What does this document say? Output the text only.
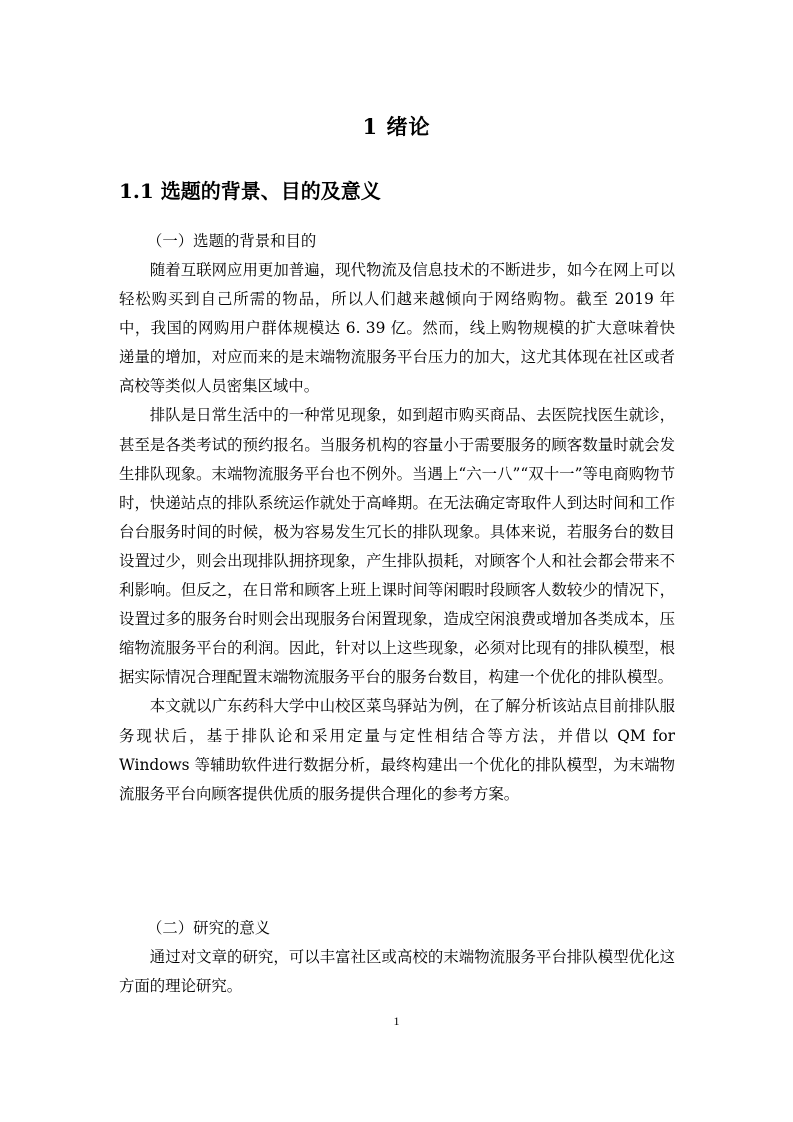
1 绪论
1.1 选题的背景、目的及意义
（一）选题的背景和目的

随着互联网应用更加普遍，现代物流及信息技术的不断进步，如今在网上可以轻松购买到自己所需的物品，所以人们越来越倾向于网络购物。截至 2019 年中，我国的网购用户群体规模达 6. 39 亿。然而，线上购物规模的扩大意味着快递量的增加，对应而来的是末端物流服务平台压力的加大，这尤其体现在社区或者高校等类似人员密集区域中。

排队是日常生活中的一种常见现象，如到超市购买商品、去医院找医生就诊，甚至是各类考试的预约报名。当服务机构的容量小于需要服务的顾客数量时就会发生排队现象。末端物流服务平台也不例外。当遇上“六一八”“双十一”等电商购物节时，快递站点的排队系统运作就处于高峰期。在无法确定寄取件人到达时间和工作台台服务时间的时候，极为容易发生冗长的排队现象。具体来说，若服务台的数目设置过少，则会出现排队拥挤现象，产生排队损耗，对顾客个人和社会都会带来不利影响。但反之，在日常和顾客上班上课时间等闲暇时段顾客人数较少的情况下，设置过多的服务台时则会出现服务台闲置现象，造成空闲浪费或增加各类成本，压缩物流服务平台的利润。因此，针对以上这些现象，必须对比现有的排队模型，根据实际情况合理配置末端物流服务平台的服务台数目，构建一个优化的排队模型。

本文就以广东药科大学中山校区菜鸟驿站为例，在了解分析该站点目前排队服务现状后，基于排队论和采用定量与定性相结合等方法，并借以 QM for Windows 等辅助软件进行数据分析，最终构建出一个优化的排队模型，为末端物流服务平台向顾客提供优质的服务提供合理化的参考方案。

（二）研究的意义

通过对文章的研究，可以丰富社区或高校的末端物流服务平台排队模型优化这方面的理论研究。

1
